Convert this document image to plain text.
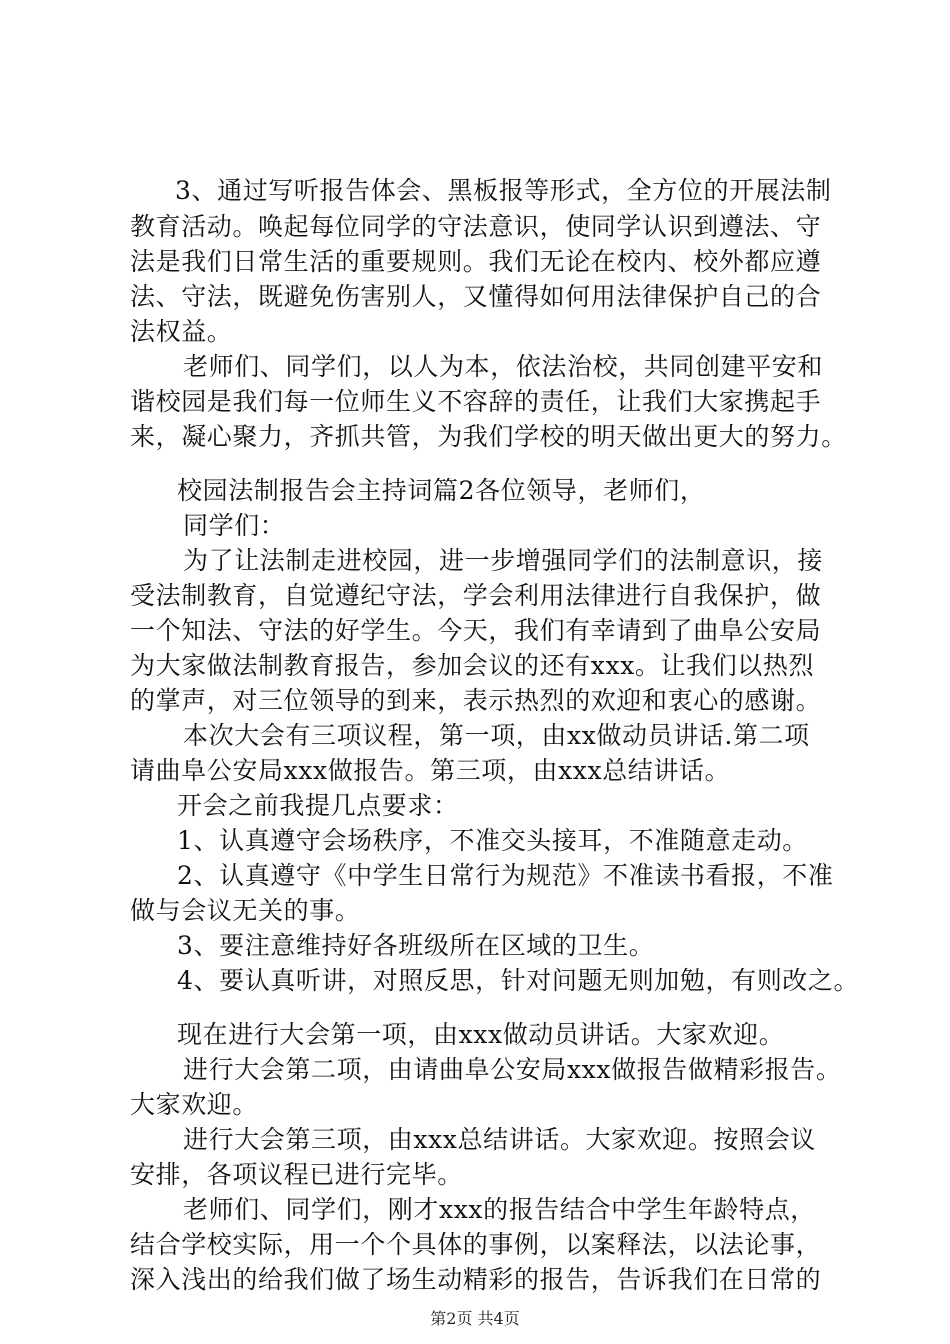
3、通过写听报告体会、黑板报等形式，全方位的开展法制
教育活动。唤起每位同学的守法意识，使同学认识到遵法、守
法是我们日常生活的重要规则。我们无论在校内、校外都应遵
法、守法，既避免伤害别人，又懂得如何用法律保护自己的合
法权益。
老师们、同学们，以人为本，依法治校，共同创建平安和
谐校园是我们每一位师生义不容辞的责任，让我们大家携起手
来，凝心聚力，齐抓共管，为我们学校的明天做出更大的努力。
校园法制报告会主持词篇2各位领导，老师们，
同学们：
为了让法制走进校园，进一步增强同学们的法制意识，接
受法制教育，自觉遵纪守法，学会利用法律进行自我保护，做
一个知法、守法的好学生。今天，我们有幸请到了曲阜公安局
为大家做法制教育报告，参加会议的还有xxx。让我们以热烈
的掌声，对三位领导的到来，表示热烈的欢迎和衷心的感谢。
本次大会有三项议程，第一项，由xx做动员讲话.第二项
请曲阜公安局xxx做报告。第三项，由xxx总结讲话。
开会之前我提几点要求：
1、认真遵守会场秩序，不准交头接耳，不准随意走动。
2、认真遵守《中学生日常行为规范》不准读书看报，不准
做与会议无关的事。
3、要注意维持好各班级所在区域的卫生。
4、要认真听讲，对照反思，针对问题无则加勉，有则改之。
现在进行大会第一项，由xxx做动员讲话。大家欢迎。
进行大会第二项，由请曲阜公安局xxx做报告做精彩报告。
大家欢迎。
进行大会第三项，由xxx总结讲话。大家欢迎。按照会议
安排，各项议程已进行完毕。
老师们、同学们，刚才xxx的报告结合中学生年龄特点，
结合学校实际，用一个个具体的事例，以案释法，以法论事，
深入浅出的给我们做了场生动精彩的报告，告诉我们在日常的
第2页 共4页
